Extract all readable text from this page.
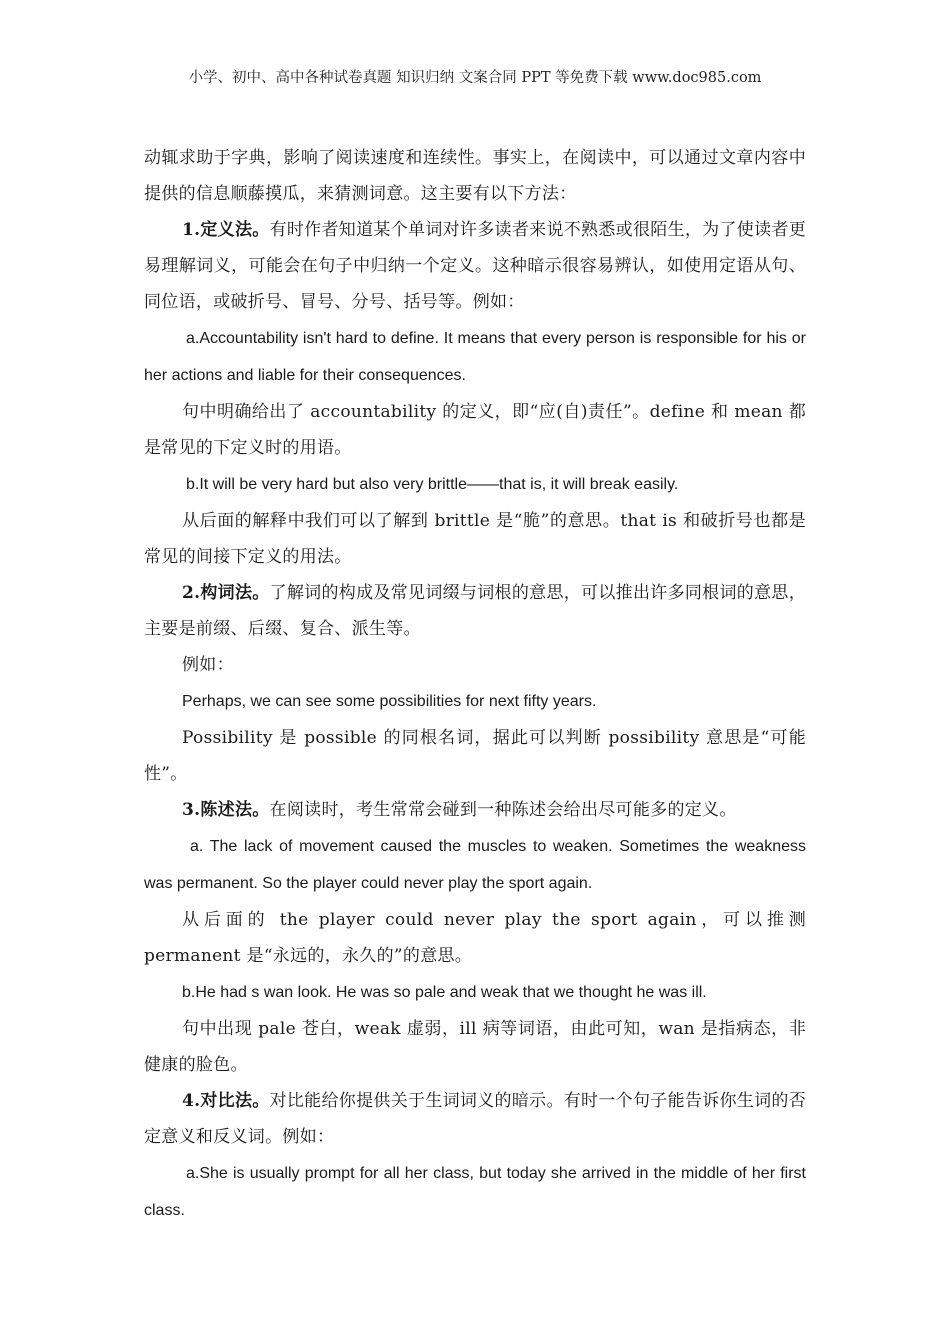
小学、初中、高中各种试卷真题 知识归纳 文案合同 PPT 等免费下载 www.doc985.com

动辄求助于字典，影响了阅读速度和连续性。事实上，在阅读中，可以通过文章内容中提供的信息顺藤摸瓜，来猜测词意。这主要有以下方法：

1.定义法。有时作者知道某个单词对许多读者来说不熟悉或很陌生，为了使读者更易理解词义，可能会在句子中归纳一个定义。这种暗示很容易辨认，如使用定语从句、同位语，或破折号、冒号、分号、括号等。例如：

a.Accountability isn't hard to define. It means that every person is responsible for his or her actions and liable for their consequences.

句中明确给出了 accountability 的定义，即“应(自)责任”。define 和 mean 都是常见的下定义时的用语。

b.It will be very hard but also very brittle——that is, it will break easily.

从后面的解释中我们可以了解到 brittle 是“脆”的意思。that is 和破折号也都是常见的间接下定义的用法。

2.构词法。了解词的构成及常见词缀与词根的意思，可以推出许多同根词的意思，主要是前缀、后缀、复合、派生等。

例如：

Perhaps, we can see some possibilities for next fifty years.

Possibility 是 possible 的同根名词，据此可以判断 possibility 意思是“可能性”。

3.陈述法。在阅读时，考生常常会碰到一种陈述会给出尽可能多的定义。

a. The lack of movement caused the muscles to weaken. Sometimes the weakness was permanent. So the player could never play the sport again.

从后面的 the player could never play the sport again，可以推测 permanent 是“永远的，永久的”的意思。

b.He had s wan look. He was so pale and weak that we thought he was ill.

句中出现 pale 苍白，weak 虚弱，ill 病等词语，由此可知，wan 是指病态，非健康的脸色。

4.对比法。对比能给你提供关于生词词义的暗示。有时一个句子能告诉你生词的否定意义和反义词。例如：

a.She is usually prompt for all her class, but today she arrived in the middle of her first class.
